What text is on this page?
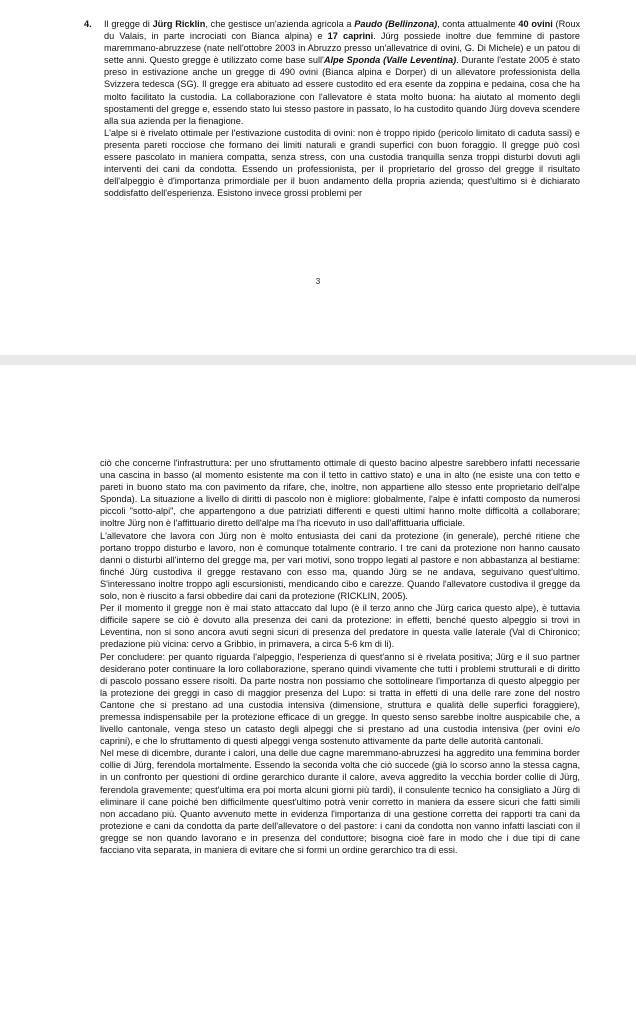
4.	Il gregge di Jürg Ricklin, che gestisce un'azienda agricola a Paudo (Bellinzona), conta attualmente 40 ovini (Roux du Valais, in parte incrociati con Bianca alpina) e 17 caprini. Jürg possiede inoltre due femmine di pastore maremmano-abruzzese (nate nell'ottobre 2003 in Abruzzo presso un'allevatrice di ovini, G. Di Michele) e un patou di sette anni. Questo gregge è utilizzato come base sull'Alpe Sponda (Valle Leventina). Durante l'estate 2005 è stato preso in estivazione anche un gregge di 490 ovini (Bianca alpina e Dorper) di un allevatore professionista della Svizzera tedesca (SG). Il gregge era abituato ad essere custodito ed era esente da zoppina e pedaina, cosa che ha molto facilitato la custodia. La collaborazione con l'allevatore è stata molto buona: ha aiutato al momento degli spostamenti del gregge e, essendo stato lui stesso pastore in passato, lo ha custodito quando Jürg doveva scendere alla sua azienda per la fienagione.

L'alpe si è rivelato ottimale per l'estivazione custodita di ovini: non è troppo ripido (pericolo limitato di caduta sassi) e presenta pareti rocciose che formano dei limiti naturali e grandi superfici con buon foraggio. Il gregge può così essere pascolato in maniera compatta, senza stress, con una custodia tranquilla senza troppi disturbi dovuti agli interventi dei cani da condotta. Essendo un professionista, per il proprietario del grosso del gregge il risultato dell'alpeggio è d'importanza primordiale per il buon andamento della propria azienda; quest'ultimo si è dichiarato soddisfatto dell'esperienza. Esistono invece grossi problemi per

3

ciò che concerne l'infrastruttura: per uno sfruttamento ottimale di questo bacino alpestre sarebbero infatti necessarie una cascina in basso (al momento esistente ma con il tetto in cattivo stato) e una in alto (ne esiste una con tetto e pareti in buono stato ma con pavimento da rifare, che, inoltre, non appartiene allo stesso ente proprietario dell'alpe Sponda). La situazione a livello di diritti di pascolo non è migliore: globalmente, l'alpe è infatti composto da numerosi piccoli "sotto-alpi", che appartengono a due patriziati differenti e questi ultimi hanno molte difficoltà a collaborare; inoltre Jürg non è l'affittuario diretto dell'alpe ma l'ha ricevuto in uso dall'affittuaria ufficiale.

L'allevatore che lavora con Jürg non è molto entusiasta dei cani da protezione (in generale), perché ritiene che portano troppo disturbo e lavoro, non è comunque totalmente contrario. I tre cani da protezione non hanno causato danni o disturbi all'interno del gregge ma, per vari motivi, sono troppo legati al pastore e non abbastanza al bestiame: finché Jürg custodiva il gregge restavano con esso ma, quando Jürg se ne andava, seguivano quest'ultimo. S'interessano inoltre troppo agli escursionisti, mendicando cibo e carezze. Quando l'allevatore custodiva il gregge da solo, non è riuscito a farsi obbedire dai cani da protezione (RICKLIN, 2005).

Per il momento il gregge non è mai stato attaccato dal lupo (è il terzo anno che Jürg carica questo alpe), è tuttavia difficile sapere se ciò è dovuto alla presenza dei cani da protezione: in effetti, benché questo alpeggio si trovi in Leventina, non si sono ancora avuti segni sicuri di presenza del predatore in questa valle laterale (Val di Chironico; predazione più vicina: cervo a Gribbio, in primavera, a circa 5-6 km di li).

Per concludere: per quanto riguarda l'alpeggio, l'esperienza di quest'anno si è rivelata positiva; Jürg e il suo partner desiderano poter continuare la loro collaborazione, sperano quindi vivamente che tutti i problemi strutturali e di diritto di pascolo possano essere risolti. Da parte nostra non possiamo che sottolineare l'importanza di questo alpeggio per la protezione dei greggi in caso di maggior presenza del Lupo: si tratta in effetti di una delle rare zone del nostro Cantone che si prestano ad una custodia intensiva (dimensione, struttura e qualità delle superfici foraggiere), premessa indispensabile per la protezione efficace di un gregge. In questo senso sarebbe inoltre auspicabile che, a livello cantonale, venga steso un catasto degli alpeggi che si prestano ad una custodia intensiva (per ovini e/o caprini), e che lo sfruttamento di questi alpeggi venga sostenuto attivamente da parte delle autorità cantonali.

Nel mese di dicembre, durante i calori, una delle due cagne maremmano-abruzzesi ha aggredito una femmina border collie di Jürg, ferendola mortalmente. Essendo la seconda volta che ciò succede (già lo scorso anno la stessa cagna, in un confronto per questioni di ordine gerarchico durante il calore, aveva aggredito la vecchia border collie di Jürg, ferendola gravemente; quest'ultima era poi morta alcuni giorni più tardi), il consulente tecnico ha consigliato a Jürg di eliminare il cane poiché ben difficilmente quest'ultimo potrà venir corretto in maniera da essere sicuri che fatti simili non accadano più. Quanto avvenuto mette in evidenza l'importanza di una gestione corretta dei rapporti tra cani da protezione e cani da condotta da parte dell'allevatore o del pastore: i cani da condotta non vanno infatti lasciati con il gregge se non quando lavorano e in presenza del conduttore; bisogna cioè fare in modo che i due tipi di cane facciano vita separata, in maniera di evitare che si formi un ordine gerarchico tra di essi.
